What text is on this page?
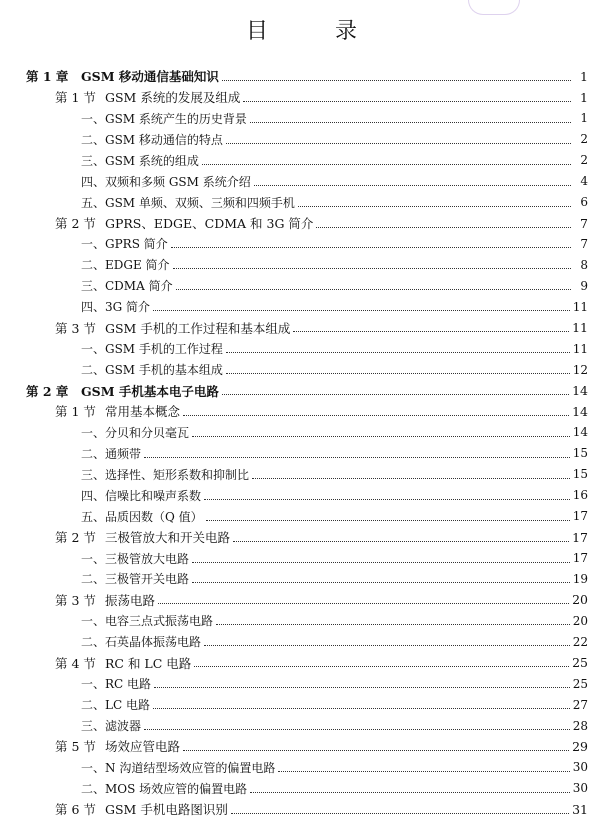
目 录
第 1 章	GSM 移动通信基础知识	1
第 1 节 GSM 系统的发展及组成	1
一、GSM 系统产生的历史背景	1
二、GSM 移动通信的特点	2
三、GSM 系统的组成	2
四、双频和多频 GSM 系统介绍	4
五、GSM 单频、双频、三频和四频手机	6
第 2 节 GPRS、EDGE、CDMA 和 3G 简介	7
一、GPRS 简介	7
二、EDGE 简介	8
三、CDMA 简介	9
四、3G 简介	11
第 3 节 GSM 手机的工作过程和基本组成	11
一、GSM 手机的工作过程	11
二、GSM 手机的基本组成	12
第 2 章	GSM 手机基本电子电路	14
第 1 节 常用基本概念	14
一、分贝和分贝毫瓦	14
二、通频带	15
三、选择性、矩形系数和抑制比	15
四、信噪比和噪声系数	16
五、品质因数（Q 值）	17
第 2 节 三极管放大和开关电路	17
一、三极管放大电路	17
二、三极管开关电路	19
第 3 节 振荡电路	20
一、电容三点式振荡电路	20
二、石英晶体振荡电路	22
第 4 节 RC 和 LC 电路	25
一、RC 电路	25
二、LC 电路	27
三、滤波器	28
第 5 节 场效应管电路	29
一、N 沟道结型场效应管的偏置电路	30
二、MOS 场效应管的偏置电路	30
第 6 节 GSM 手机电路图识别	31
